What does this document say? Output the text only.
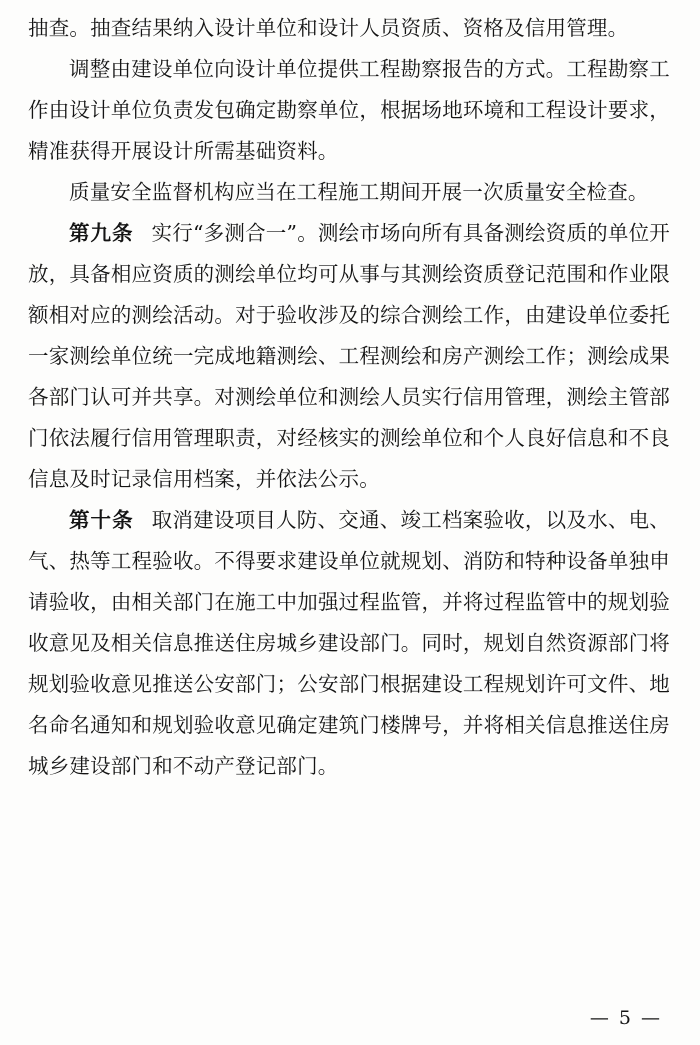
抽查。抽查结果纳入设计单位和设计人员资质、资格及信用管理。

调整由建设单位向设计单位提供工程勘察报告的方式。工程勘察工作由设计单位负责发包确定勘察单位，根据场地环境和工程设计要求，精准获得开展设计所需基础资料。

质量安全监督机构应当在工程施工期间开展一次质量安全检查。

第九条 实行“多测合一”。测绘市场向所有具备测绘资质的单位开放，具备相应资质的测绘单位均可从事与其测绘资质登记范围和作业限额相对应的测绘活动。对于验收涉及的综合测绘工作，由建设单位委托一家测绘单位统一完成地籍测绘、工程测绘和房产测绘工作；测绘成果各部门认可并共享。对测绘单位和测绘人员实行信用管理，测绘主管部门依法履行信用管理职责，对经核实的测绘单位和个人良好信息和不良信息及时记录信用档案，并依法公示。

第十条 取消建设项目人防、交通、竣工档案验收，以及水、电、气、热等工程验收。不得要求建设单位就规划、消防和特种设备单独申请验收，由相关部门在施工中加强过程监管，并将过程监管中的规划验收意见及相关信息推送住房城乡建设部门。同时，规划自然资源部门将规划验收意见推送公安部门；公安部门根据建设工程规划许可文件、地名命名通知和规划验收意见确定建筑门楼牌号，并将相关信息推送住房城乡建设部门和不动产登记部门。

— 5 —
